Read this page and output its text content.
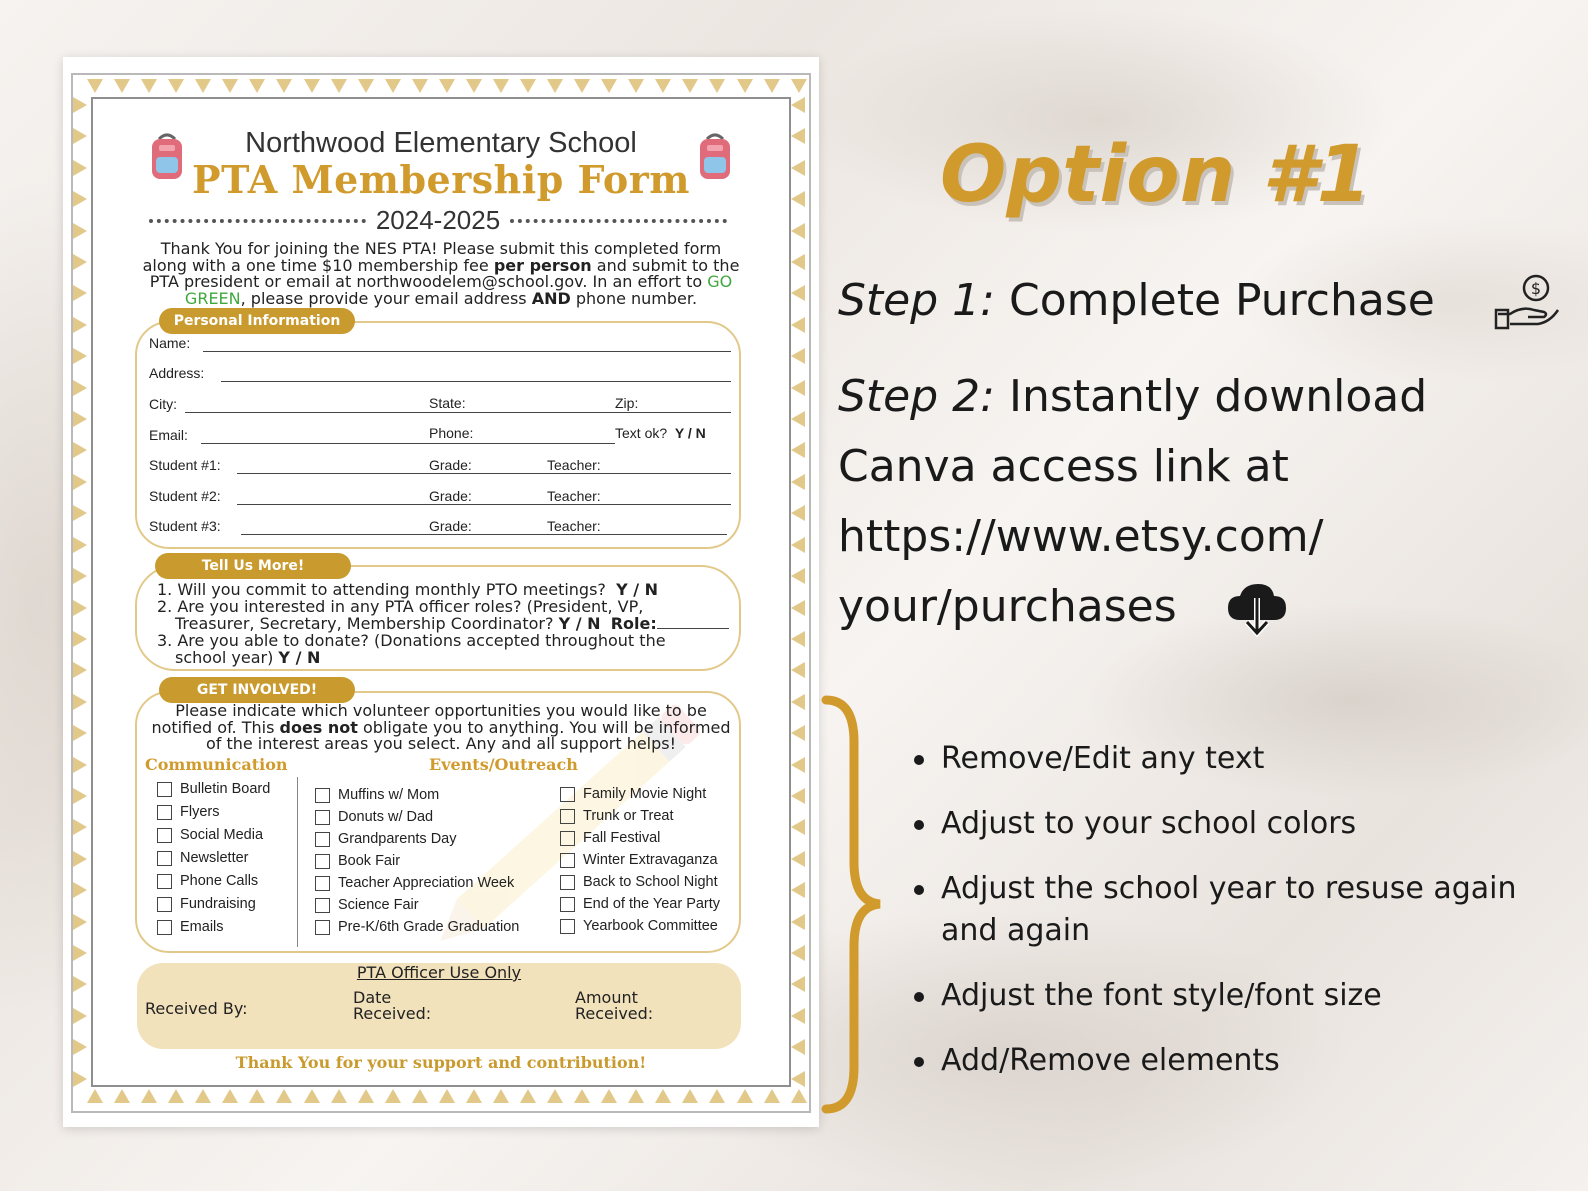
Northwood Elementary School
PTA Membership Form
2024-2025
Thank You for joining the NES PTA! Please submit this completed form along with a one time $10 membership fee per person and submit to the PTA president or email at northwoodelem@school.gov. In an effort to GO GREEN, please provide your email address AND phone number.
Personal Information
Name:
Address:
City:	State:	Zip:
Email:	Phone:	Text ok? Y / N
Student #1:	Grade:	Teacher:
Student #2:	Grade:	Teacher:
Student #3:	Grade:	Teacher:
Tell Us More!
1. Will you commit to attending monthly PTO meetings? Y / N
2. Are you interested in any PTA officer roles? (President, VP,
Treasurer, Secretary, Membership Coordinator? Y / N Role:
3. Are you able to donate? (Donations accepted throughout the
school year) Y / N
GET INVOLVED!
Please indicate which volunteer opportunities you would like to be notified of. This does not obligate you to anything. You will be informed of the interest areas you select. Any and all support helps!
Communication	Events/Outreach
Bulletin Board
Flyers
Social Media
Newsletter
Phone Calls
Fundraising
Emails
Muffins w/ Mom
Donuts w/ Dad
Grandparents Day
Book Fair
Teacher Appreciation Week
Science Fair
Pre-K/6th Grade Graduation
Family Movie Night
Trunk or Treat
Fall Festival
Winter Extravaganza
Back to School Night
End of the Year Party
Yearbook Committee
PTA Officer Use Only
Received By:
Date
Received:
Amount
Received:
Thank You for your support and contribution!
Option #1
Step 1: Complete Purchase	$
Step 2: Instantly download
Canva access link at
https://www.etsy.com/
your/purchases
Remove/Edit any text
Adjust to your school colors
Adjust the school year to resuse again and again
Adjust the font style/font size
Add/Remove elements
